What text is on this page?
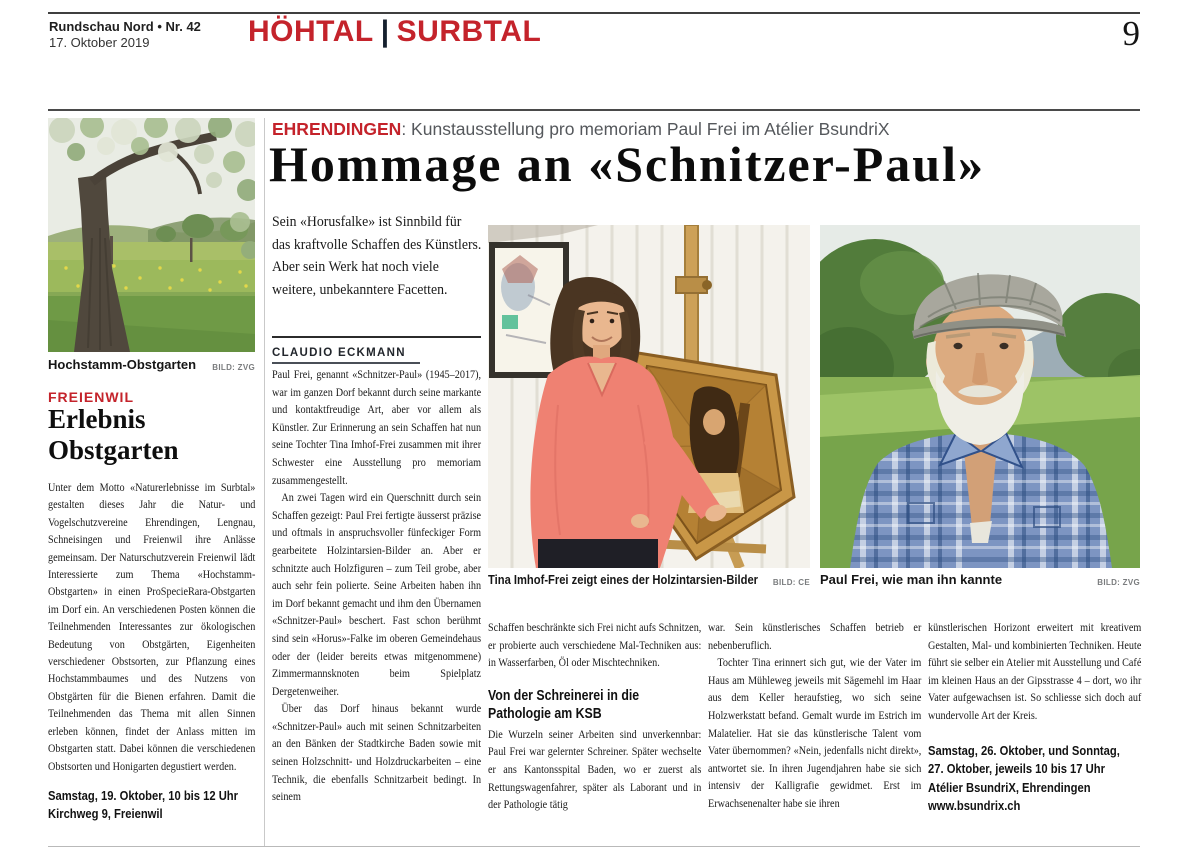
Rundschau Nord • Nr. 42
17. Oktober 2019	HÖHTAL | SURBTAL	9
Hochstamm-Obstgarten	BILD: ZVG
FREIENWIL
Erlebnis Obstgarten

Unter dem Motto «Naturerlebnisse im Surbtal» gestalten dieses Jahr die Natur- und Vogelschutzvereine Ehrendingen, Lengnau, Schneisingen und Freienwil ihre Anlässe gemeinsam. Der Naturschutzverein Freienwil lädt Interessierte zum Thema «Hochstamm-Obstgarten» in einen ProSpecieRara-Obstgarten im Dorf ein. An verschiedenen Posten können die Teilnehmenden Interessantes zur ökologischen Bedeutung von Obstgärten, Eigenheiten verschiedener Obstsorten, zur Pflanzung eines Hochstammbaumes und des Nutzens von Obstgärten für die Bienen erfahren. Damit die Teilnehmenden das Thema mit allen Sinnen erleben können, findet der Anlass mitten im Obstgarten statt. Dabei können die verschiedenen Obstsorten und Honigarten degustiert werden.

Samstag, 19. Oktober, 10 bis 12 Uhr
Kirchweg 9, Freienwil
EHRENDINGEN: Kunstausstellung pro memoriam Paul Frei im Atélier BsundriX
Hommage an «Schnitzer-Paul»
Sein «Horusfalke» ist Sinnbild für das kraftvolle Schaffen des Künstlers. Aber sein Werk hat noch viele weitere, unbekanntere Facetten.
CLAUDIO ECKMANN

Paul Frei, genannt «Schnitzer-Paul» (1945–2017), war im ganzen Dorf bekannt durch seine markante und kontaktfreudige Art, aber vor allem als Künstler. Zur Erinnerung an sein Schaffen hat nun seine Tochter Tina Imhof-Frei zusammen mit ihrer Schwester eine Ausstellung pro memoriam zusammengestellt.

An zwei Tagen wird ein Querschnitt durch sein Schaffen gezeigt: Paul Frei fertigte äusserst präzise und oftmals in anspruchsvoller fünfeckiger Form gearbeitete Holzintarsien-Bilder an. Aber er schnitzte auch Holzfiguren – zum Teil grobe, aber auch sehr fein polierte. Seine Arbeiten haben ihn im Dorf bekannt gemacht und ihm den Übernamen «Schnitzer-Paul» beschert. Fast schon berühmt sind sein «Horus»-Falke im oberen Gemeindehaus oder der (leider bereits etwas mitgenommene) Zimmermannsknoten beim Spielplatz Dergetenweiher.

Über das Dorf hinaus bekannt wurde «Schnitzer-Paul» auch mit seinen Schnitzarbeiten an den Bänken der Stadtkirche Baden sowie mit seinen Holzschnitt- und Holzdruckarbeiten – eine Technik, die ebenfalls Schnitzarbeit bedingt. In seinem

Tina Imhof-Frei zeigt eines der Holzintarsien-Bilder	BILD: CE Paul Frei, wie man ihn kannte	BILD: ZVG

Schaffen beschränkte sich Frei nicht aufs Schnitzen, er probierte auch verschiedene Mal-Techniken aus: in Wasserfarben, Öl oder Mischtechniken.

Von der Schreinerei in die Pathologie am KSB

Die Wurzeln seiner Arbeiten sind unverkennbar: Paul Frei war gelernter Schreiner. Später wechselte er ans Kantonsspital Baden, wo er zuerst als Rettungswagenfahrer, später als Laborant und in der Pathologie tätig

war. Sein künstlerisches Schaffen betrieb er nebenberuflich.

Tochter Tina erinnert sich gut, wie der Vater im Haus am Mühleweg jeweils mit Sägemehl im Haar aus dem Keller heraufstieg, wo sich seine Holzwerkstatt befand. Gemalt wurde im Estrich im Malatelier. Hat sie das künstlerische Talent vom Vater übernommen? «Nein, jedenfalls nicht direkt», antwortet sie. In ihren Jugendjahren habe sie sich intensiv der Kalligrafie gewidmet. Erst im Erwachsenenalter habe sie ihren

künstlerischen Horizont erweitert mit kreativem Gestalten, Mal- und kombinierten Techniken. Heute führt sie selber ein Atelier mit Ausstellung und Café im kleinen Haus an der Gipsstrasse 4 – dort, wo ihr Vater aufgewachsen ist. So schliesse sich doch auf wundervolle Art der Kreis.

Samstag, 26. Oktober, und Sonntag,
27. Oktober, jeweils 10 bis 17 Uhr
Atélier BsundriX, Ehrendingen
www.bsundrix.ch
